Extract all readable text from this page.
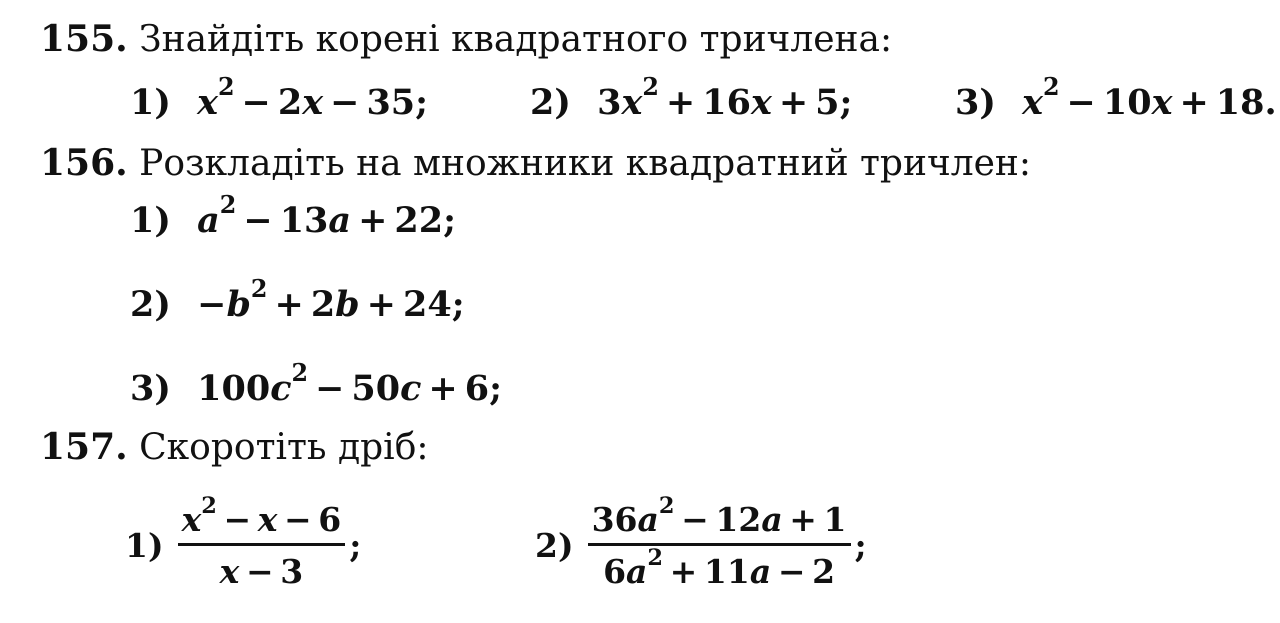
155. Знайдіть корені квадратного тричлена:
1) $x^2 - 2x - 35$;	2) $3x^2 + 16x + 5$;	3) $x^2 - 10x + 18$.
156. Розкладіть на множники квадратний тричлен:
1) $a^2 - 13a + 22$;
$2) -b^2 + 2b + 24$;
3) $100c^2 - 50c + 6$;
157. Скоротіть дріб:
$1) \frac{x^2 - x - 6}{x - 3}$ ;	$2) \frac{36a^2 - 12a + 1}{6a^2 + 11a - 2}$ ;
